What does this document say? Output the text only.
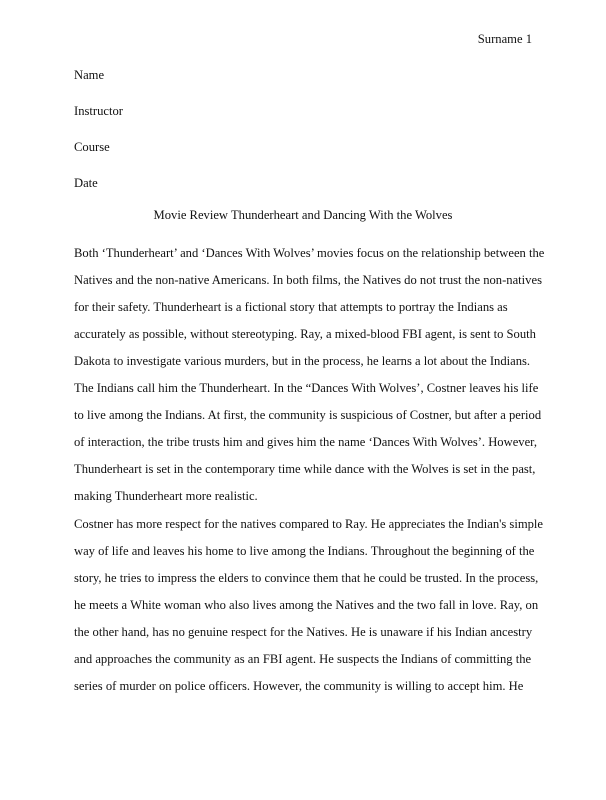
Surname 1
Name
Instructor
Course
Date
Movie Review Thunderheart and Dancing With the Wolves
Both ‘Thunderheart’ and ‘Dances With Wolves’ movies focus on the relationship between the
Natives and the non-native Americans. In both films, the Natives do not trust the non-natives
for their safety. Thunderheart is a fictional story that attempts to portray the Indians as
accurately as possible, without stereotyping. Ray, a mixed-blood FBI agent, is sent to South
Dakota to investigate various murders, but in the process, he learns a lot about the Indians.
The Indians call him the Thunderheart. In the “Dances With Wolves’, Costner leaves his life
to live among the Indians. At first, the community is suspicious of Costner, but after a period
of interaction, the tribe trusts him and gives him the name ‘Dances With Wolves’. However,
Thunderheart is set in the contemporary time while dance with the Wolves is set in the past,
making Thunderheart more realistic.
Costner has more respect for the natives compared to Ray. He appreciates the Indian's simple
way of life and leaves his home to live among the Indians. Throughout the beginning of the
story, he tries to impress the elders to convince them that he could be trusted. In the process,
he meets a White woman who also lives among the Natives and the two fall in love. Ray, on
the other hand, has no genuine respect for the Natives. He is unaware if his Indian ancestry
and approaches the community as an FBI agent. He suspects the Indians of committing the
series of murder on police officers. However, the community is willing to accept him. He
